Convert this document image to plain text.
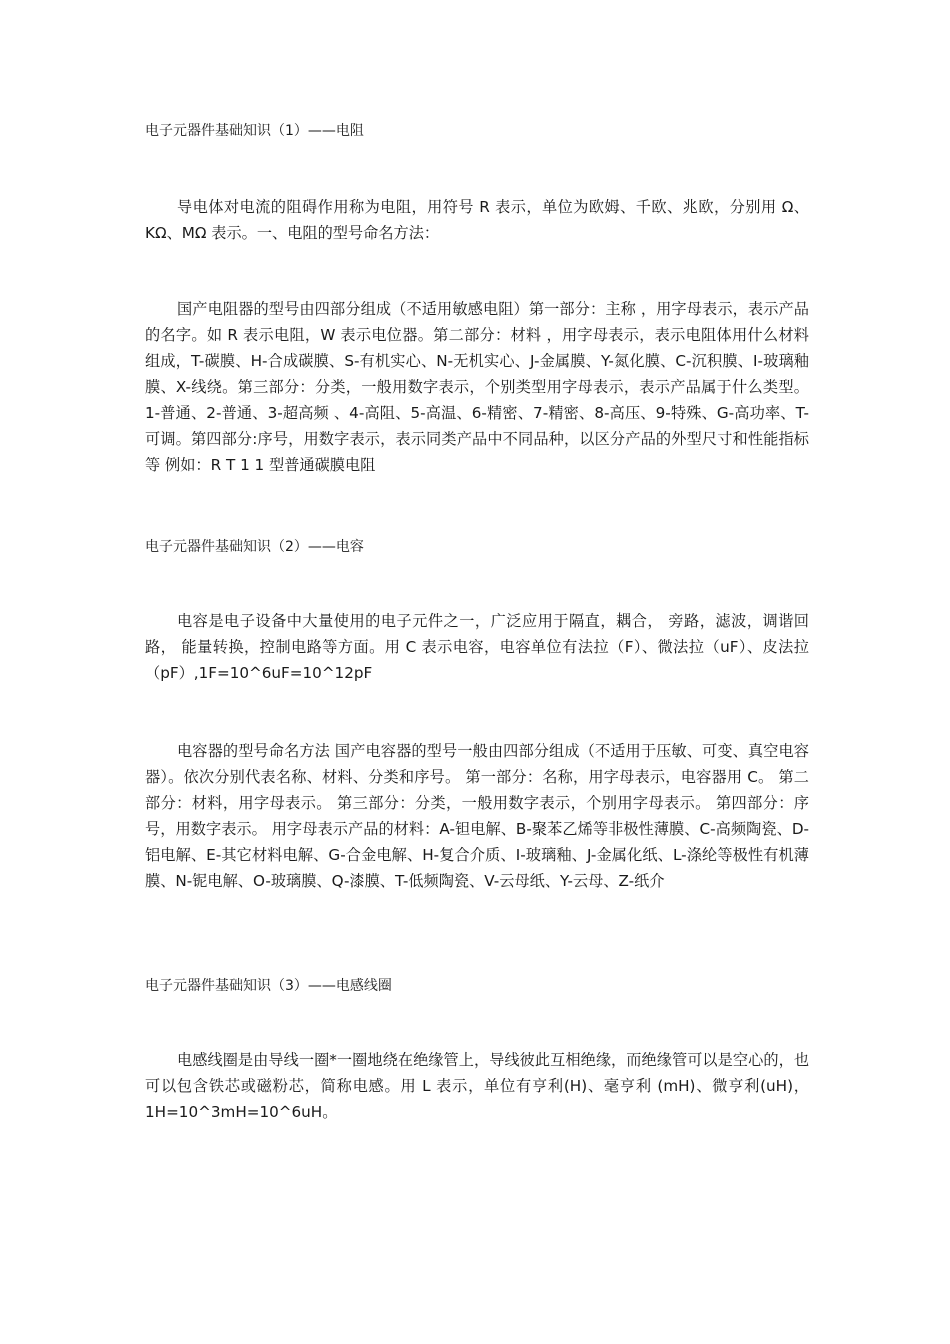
电子元器件基础知识（1）——电阻
导电体对电流的阻碍作用称为电阻，用符号 R 表示，单位为欧姆、千欧、兆欧，分别用 Ω、KΩ、MΩ 表示。一、电阻的型号命名方法：
国产电阻器的型号由四部分组成（不适用敏感电阻）第一部分：主称 ，用字母表示，表示产品的名字。如 R 表示电阻，W 表示电位器。第二部分：材料 ，用字母表示，表示电阻体用什么材料组成，T-碳膜、H-合成碳膜、S-有机实心、N-无机实心、J-金属膜、Y-氮化膜、C-沉积膜、I-玻璃釉膜、X-线绕。第三部分：分类，一般用数字表示，个别类型用字母表示，表示产品属于什么类型。1-普通、2-普通、3-超高频 、4-高阻、5-高温、6-精密、7-精密、8-高压、9-特殊、G-高功率、T-可调。第四部分:序号，用数字表示，表示同类产品中不同品种，以区分产品的外型尺寸和性能指标等 例如：R T 1 1 型普通碳膜电阻
电子元器件基础知识（2）——电容
电容是电子设备中大量使用的电子元件之一，广泛应用于隔直，耦合， 旁路，滤波，调谐回路， 能量转换，控制电路等方面。用 C 表示电容，电容单位有法拉（F）、微法拉（uF）、皮法拉（pF）,1F=10^6uF=10^12pF
电容器的型号命名方法 国产电容器的型号一般由四部分组成（不适用于压敏、可变、真空电容器）。依次分别代表名称、材料、分类和序号。 第一部分：名称，用字母表示，电容器用 C。 第二部分：材料，用字母表示。 第三部分：分类，一般用数字表示，个别用字母表示。 第四部分：序号，用数字表示。 用字母表示产品的材料：A-钽电解、B-聚苯乙烯等非极性薄膜、C-高频陶瓷、D-铝电解、E-其它材料电解、G-合金电解、H-复合介质、I-玻璃釉、J-金属化纸、L-涤纶等极性有机薄膜、N-铌电解、O-玻璃膜、Q-漆膜、T-低频陶瓷、V-云母纸、Y-云母、Z-纸介
电子元器件基础知识（3）——电感线圈
电感线圈是由导线一圈*一圈地绕在绝缘管上，导线彼此互相绝缘，而绝缘管可以是空心的，也可以包含铁芯或磁粉芯，简称电感。用 L 表示，单位有亨利(H)、毫亨利 (mH)、微亨利(uH)，1H=10^3mH=10^6uH。
